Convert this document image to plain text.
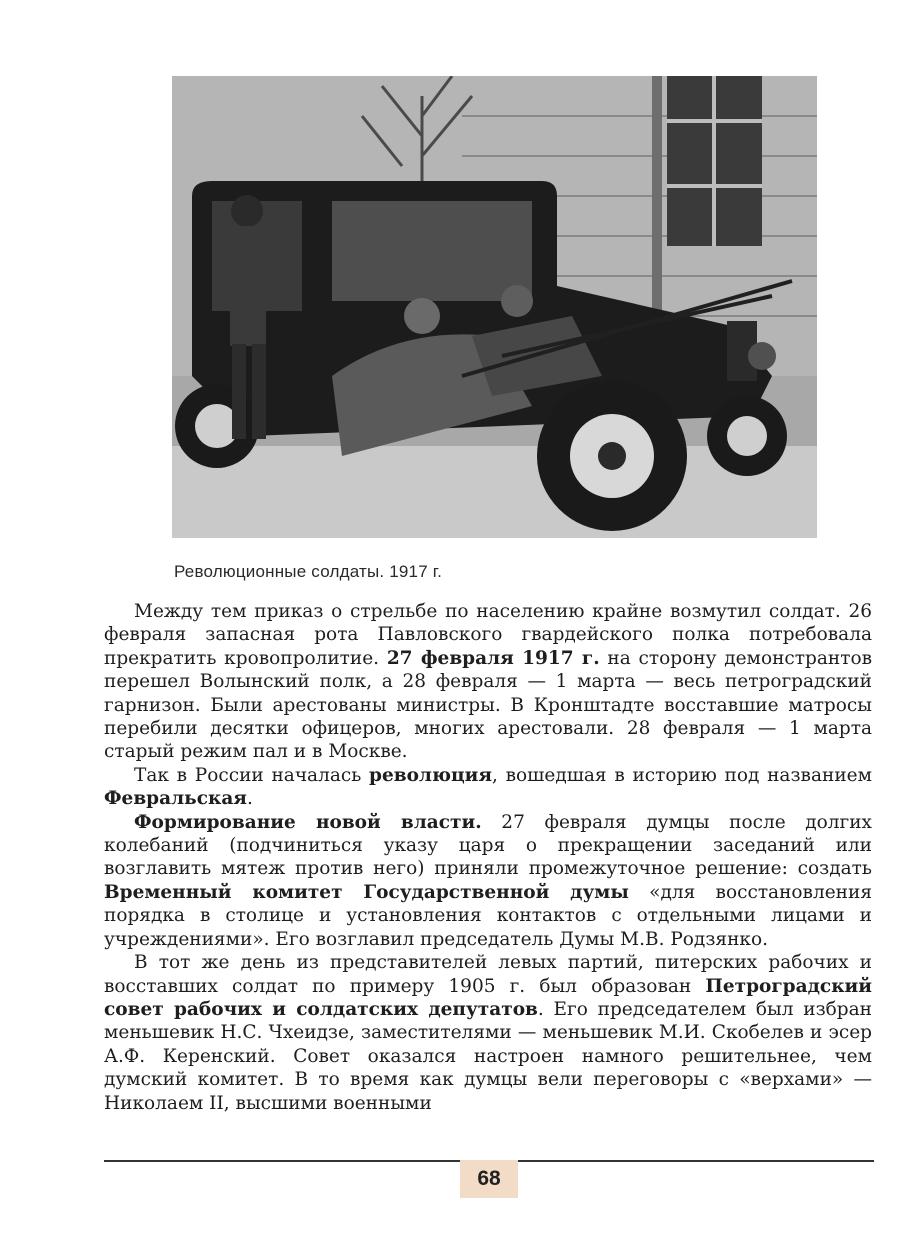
Революционные солдаты. 1917 г.

Между тем приказ о стрельбе по населению крайне возмутил солдат. 26 февраля запасная рота Павловского гвардейского полка потребовала прекратить кровопролитие. 27 февраля 1917 г. на сторону демонстрантов перешел Волынский полк, а 28 февраля — 1 марта — весь петроградский гарнизон. Были арестованы министры. В Кронштадте восставшие матросы перебили десятки офицеров, многих арестовали. 28 февраля — 1 марта старый режим пал и в Москве.

Так в России началась революция, вошедшая в историю под названием Февральская.

Формирование новой власти. 27 февраля думцы после долгих колебаний (подчиниться указу царя о прекращении заседаний или возглавить мятеж против него) приняли промежуточное решение: создать Временный комитет Государственной думы «для восстановления порядка в столице и установления контактов с отдельными лицами и учреждениями». Его возглавил председатель Думы М.В. Родзянко.

В тот же день из представителей левых партий, питерских рабочих и восставших солдат по примеру 1905 г. был образован Петроградский совет рабочих и солдатских депутатов. Его председателем был избран меньшевик Н.С. Чхеидзе, заместителями — меньшевик М.И. Скобелев и эсер А.Ф. Керенский. Совет оказался настроен намного решительнее, чем думский комитет. В то время как думцы вели переговоры с «верхами» — Николаем II, высшими военными

68
